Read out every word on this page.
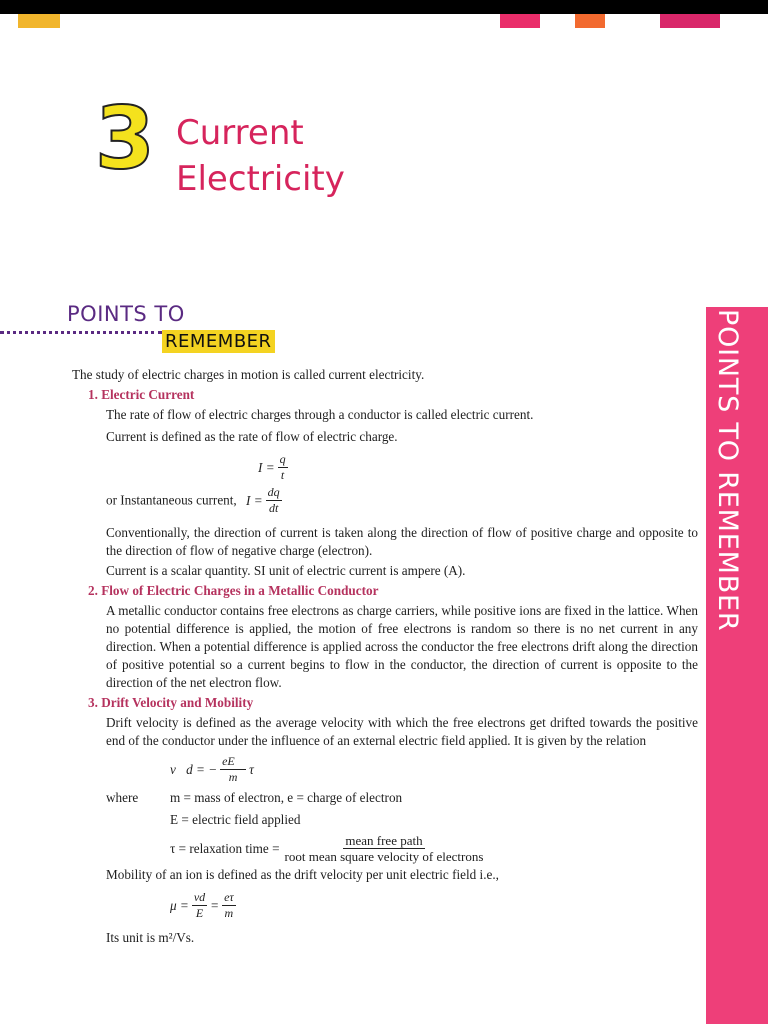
3 Current
Electricity
POINTS TO
REMEMBER	POINTS TO REMEMBER

The study of electric charges in motion is called current electricity.

1. Electric Current

The rate of flow of electric charges through a conductor is called electric current.

Current is defined as the rate of flow of electric charge.

$I = \frac{q}{t}$
or Instantaneous current, $I = \frac{dq}{dt}$

Conventionally, the direction of current is taken along the direction of flow of positive charge and opposite to the direction of flow of negative charge (electron).

Current is a scalar quantity. SI unit of electric current is ampere (A).

2. Flow of Electric Charges in a Metallic Conductor

A metallic conductor contains free electrons as charge carriers, while positive ions are fixed in the lattice. When no potential difference is applied, the motion of free electrons is random so there is no net current in any direction. When a potential difference is applied across the conductor the free electrons drift along the direction of positive potential so a current begins to flow in the conductor, the direction of current is opposite to the direction of the net electron flow.

3. Drift Velocity and Mobility

Drift velocity is defined as the average velocity with which the free electrons get drifted towards the positive end of the conductor under the influence of an external electric field applied. It is given by the relation

v⃗d = − $\frac{eE⃗}{m}$ τ
where	m = mass of electron, e = charge of electron

E = electric field applied

τ = relaxation time = $\frac{\text{mean free path}}{\text{root mean square velocity of electrons}}$

Mobility of an ion is defined as the drift velocity per unit electric field i.e.,

$\mu = \frac{vd}{E} = \frac{e\tau}{m}$

Its unit is m²/Vs.
